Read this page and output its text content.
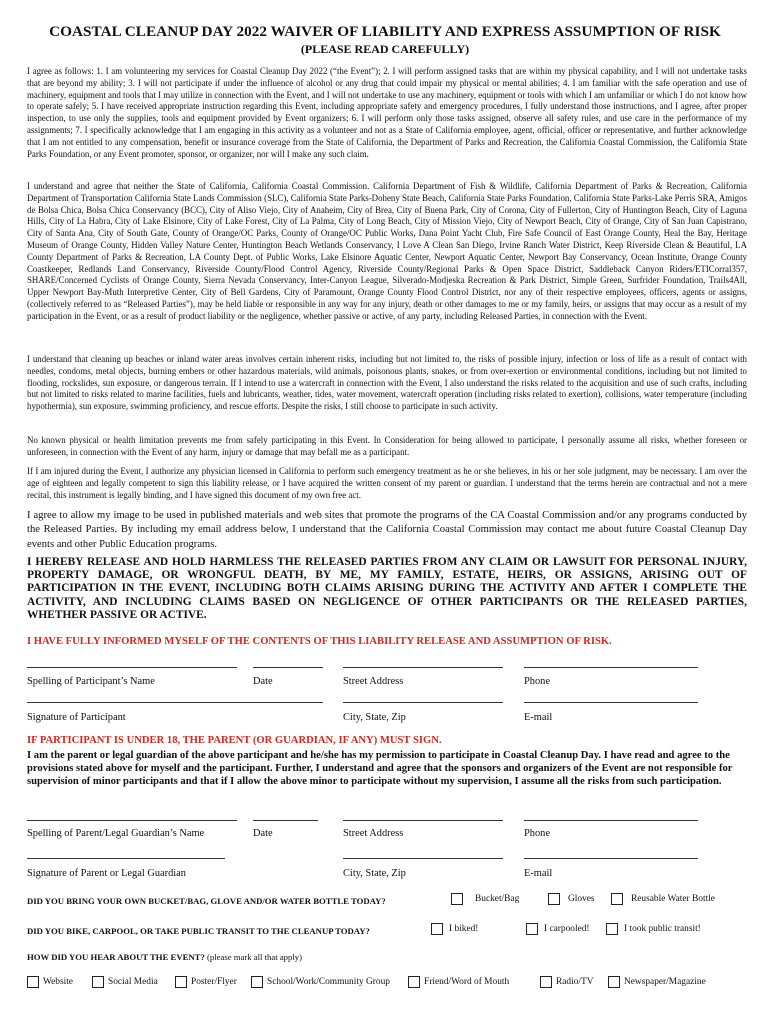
COASTAL CLEANUP DAY 2022 WAIVER OF LIABILITY AND EXPRESS ASSUMPTION OF RISK
(PLEASE READ CAREFULLY)

I agree as follows: 1. I am volunteering my services for Coastal Cleanup Day 2022 (“the Event”); 2. I will perform assigned tasks that are within my physical capability, and I will not undertake tasks that are beyond my ability; 3. I will not participate if under the influence of alcohol or any drug that could impair my physical or mental abilities; 4. I am familiar with the safe operation and use of machinery, equipment and tools that I may utilize in connection with the Event, and I will not undertake to use any machinery, equipment or tools with which I am unfamiliar or which I do not know how to operate safely; 5. I have received appropriate instruction regarding this Event, including appropriate safety and emergency procedures, I fully understand those instructions, and I agree, after proper inspection, to use only the supplies, tools and equipment provided by Event organizers; 6. I will perform only those tasks assigned, observe all safety rules, and use care in the performance of my assignments; 7. I specifically acknowledge that I am engaging in this activity as a volunteer and not as a State of California employee, agent, official, officer or representative, and further acknowledge that I am not entitled to any compensation, benefit or insurance coverage from the State of California, the Department of Parks and Recreation, the California Coastal Commission, the California State Parks Foundation, or any Event promoter, sponsor, or organizer, nor will I make any such claim.

I understand and agree that neither the State of California, California Coastal Commission. California Department of Fish & Wildlife, California Department of Parks & Recreation, California Department of Transportation California State Lands Commission (SLC), California State Parks-Doheny State Beach, California State Parks Foundation, California State Parks-Lake Perris SRA, Amigos de Bolsa Chica, Bolsa Chica Conservancy (BCC), City of Aliso Viejo, City of Anaheim, City of Brea, City of Buena Park, City of Corona, City of Fullerton, City of Huntington Beach, City of Laguna Hills, City of La Habra, City of Lake Elsinore, City of Lake Forest, City of La Palma, City of Long Beach, City of Mission Viejo, City of Newport Beach, City of Orange, City of San Juan Capistrano, City of Santa Ana, City of South Gate, County of Orange/OC Parks, County of Orange/OC Public Works, Dana Point Yacht Club, Fire Safe Council of East Orange County, Heal the Bay, Heritage Museum of Orange County, Hidden Valley Nature Center, Huntington Beach Wetlands Conservancy, I Love A Clean San Diego, Irvine Ranch Water District, Keep Riverside Clean & Beautiful, LA County Department of Parks & Recreation, LA County Dept. of Public Works, Lake Elsinore Aquatic Center, Newport Aquatic Center, Newport Bay Conservancy, Ocean Institute, Orange County Coastkeeper, Redlands Land Conservancy, Riverside County/Flood Control Agency, Riverside County/Regional Parks & Open Space District, Saddleback Canyon Riders/ETICorral357, SHARE/Concerned Cyclists of Orange County, Sierra Nevada Conservancy, Inter-Canyon League, Silverado-Modjeska Recreation & Park District, Simple Green, Surfrider Foundation, Trails4All, Upper Newport Bay-Muth Interpretive Center, City of Bell Gardens, City of Paramount, Orange County Flood Control District, nor any of their respective employees, officers, agents or assigns, (collectively referred to as “Released Parties”), may be held liable or responsible in any way for any injury, death or other damages to me or my family, heirs, or assigns that may occur as a result of my participation in the Event, or as a result of product liability or the negligence, whether passive or active, of any party, including Released Parties, in connection with the Event.

I understand that cleaning up beaches or inland water areas involves certain inherent risks, including but not limited to, the risks of possible injury, infection or loss of life as a result of contact with needles, condoms, metal objects, burning embers or other hazardous materials, wild animals, poisonous plants, snakes, or from over-exertion or environmental conditions, including but not limited to flooding, rockslides, sun exposure, or dangerous terrain. If I intend to use a watercraft in connection with the Event, I also understand the risks related to the acquisition and use of such crafts, including but not limited to risks related to marine facilities, fuels and lubricants, weather, tides, water movement, watercraft operation (including risks related to exertion), collisions, water temperature (including hypothermia), sun exposure, swimming proficiency, and rescue efforts. Despite the risks, I still choose to participate in such activity.

No known physical or health limitation prevents me from safely participating in this Event. In Consideration for being allowed to participate, I personally assume all risks, whether foreseen or unforeseen, in connection with the Event of any harm, injury or damage that may befall me as a participant.

If I am injured during the Event, I authorize any physician licensed in California to perform such emergency treatment as he or she believes, in his or her sole judgment, may be necessary. I am over the age of eighteen and legally competent to sign this liability release, or I have acquired the written consent of my parent or guardian. I understand that the terms herein are contractual and not a mere recital, this instrument is legally binding, and I have signed this document of my own free act.

I agree to allow my image to be used in published materials and web sites that promote the programs of the CA Coastal Commission and/or any programs conducted by the Released Parties. By including my email address below, I understand that the California Coastal Commission may contact me about future Coastal Cleanup Day events and other Public Education programs.

I HEREBY RELEASE AND HOLD HARMLESS THE RELEASED PARTIES FROM ANY CLAIM OR LAWSUIT FOR PERSONAL INJURY, PROPERTY DAMAGE, OR WRONGFUL DEATH, BY ME, MY FAMILY, ESTATE, HEIRS, OR ASSIGNS, ARISING OUT OF PARTICIPATION IN THE EVENT, INCLUDING BOTH CLAIMS ARISING DURING THE ACTIVITY AND AFTER I COMPLETE THE ACTIVITY, AND INCLUDING CLAIMS BASED ON NEGLIGENCE OF OTHER PARTICIPANTS OR THE RELEASED PARTIES, WHETHER PASSIVE OR ACTIVE.

I HAVE FULLY INFORMED MYSELF OF THE CONTENTS OF THIS LIABILITY RELEASE AND ASSUMPTION OF RISK.
Spelling of Participant’s Name	Date	Street Address	Phone
Signature of Participant	City, State, Zip	E-mail
IF PARTICIPANT IS UNDER 18, THE PARENT (OR GUARDIAN, IF ANY) MUST SIGN.

I am the parent or legal guardian of the above participant and he/she has my permission to participate in Coastal Cleanup Day. I have read and agree to the provisions stated above for myself and the participant. Further, I understand and agree that the sponsors and organizers of the Event are not responsible for supervision of minor participants and that if I allow the above minor to participate without my supervision, I assume all the risks from such participation.

Spelling of Parent/Legal Guardian’s Name	Date	Street Address	Phone
Signature of Parent or Legal Guardian	City, State, Zip	E-mail
DID YOU BRING YOUR OWN BUCKET/BAG, GLOVE AND/OR WATER BOTTLE TODAY?	Bucket/Bag	Gloves	Reusable Water Bottle
DID YOU BIKE, CARPOOL, OR TAKE PUBLIC TRANSIT TO THE CLEANUP TODAY?	I biked!	I carpooled!	I took public transit!
HOW DID YOU HEAR ABOUT THE EVENT? (please mark all that apply)
Website	Social Media	Poster/Flyer	School/Work/Community Group	Friend/Word of Mouth	Radio/TV	Newspaper/Magazine
